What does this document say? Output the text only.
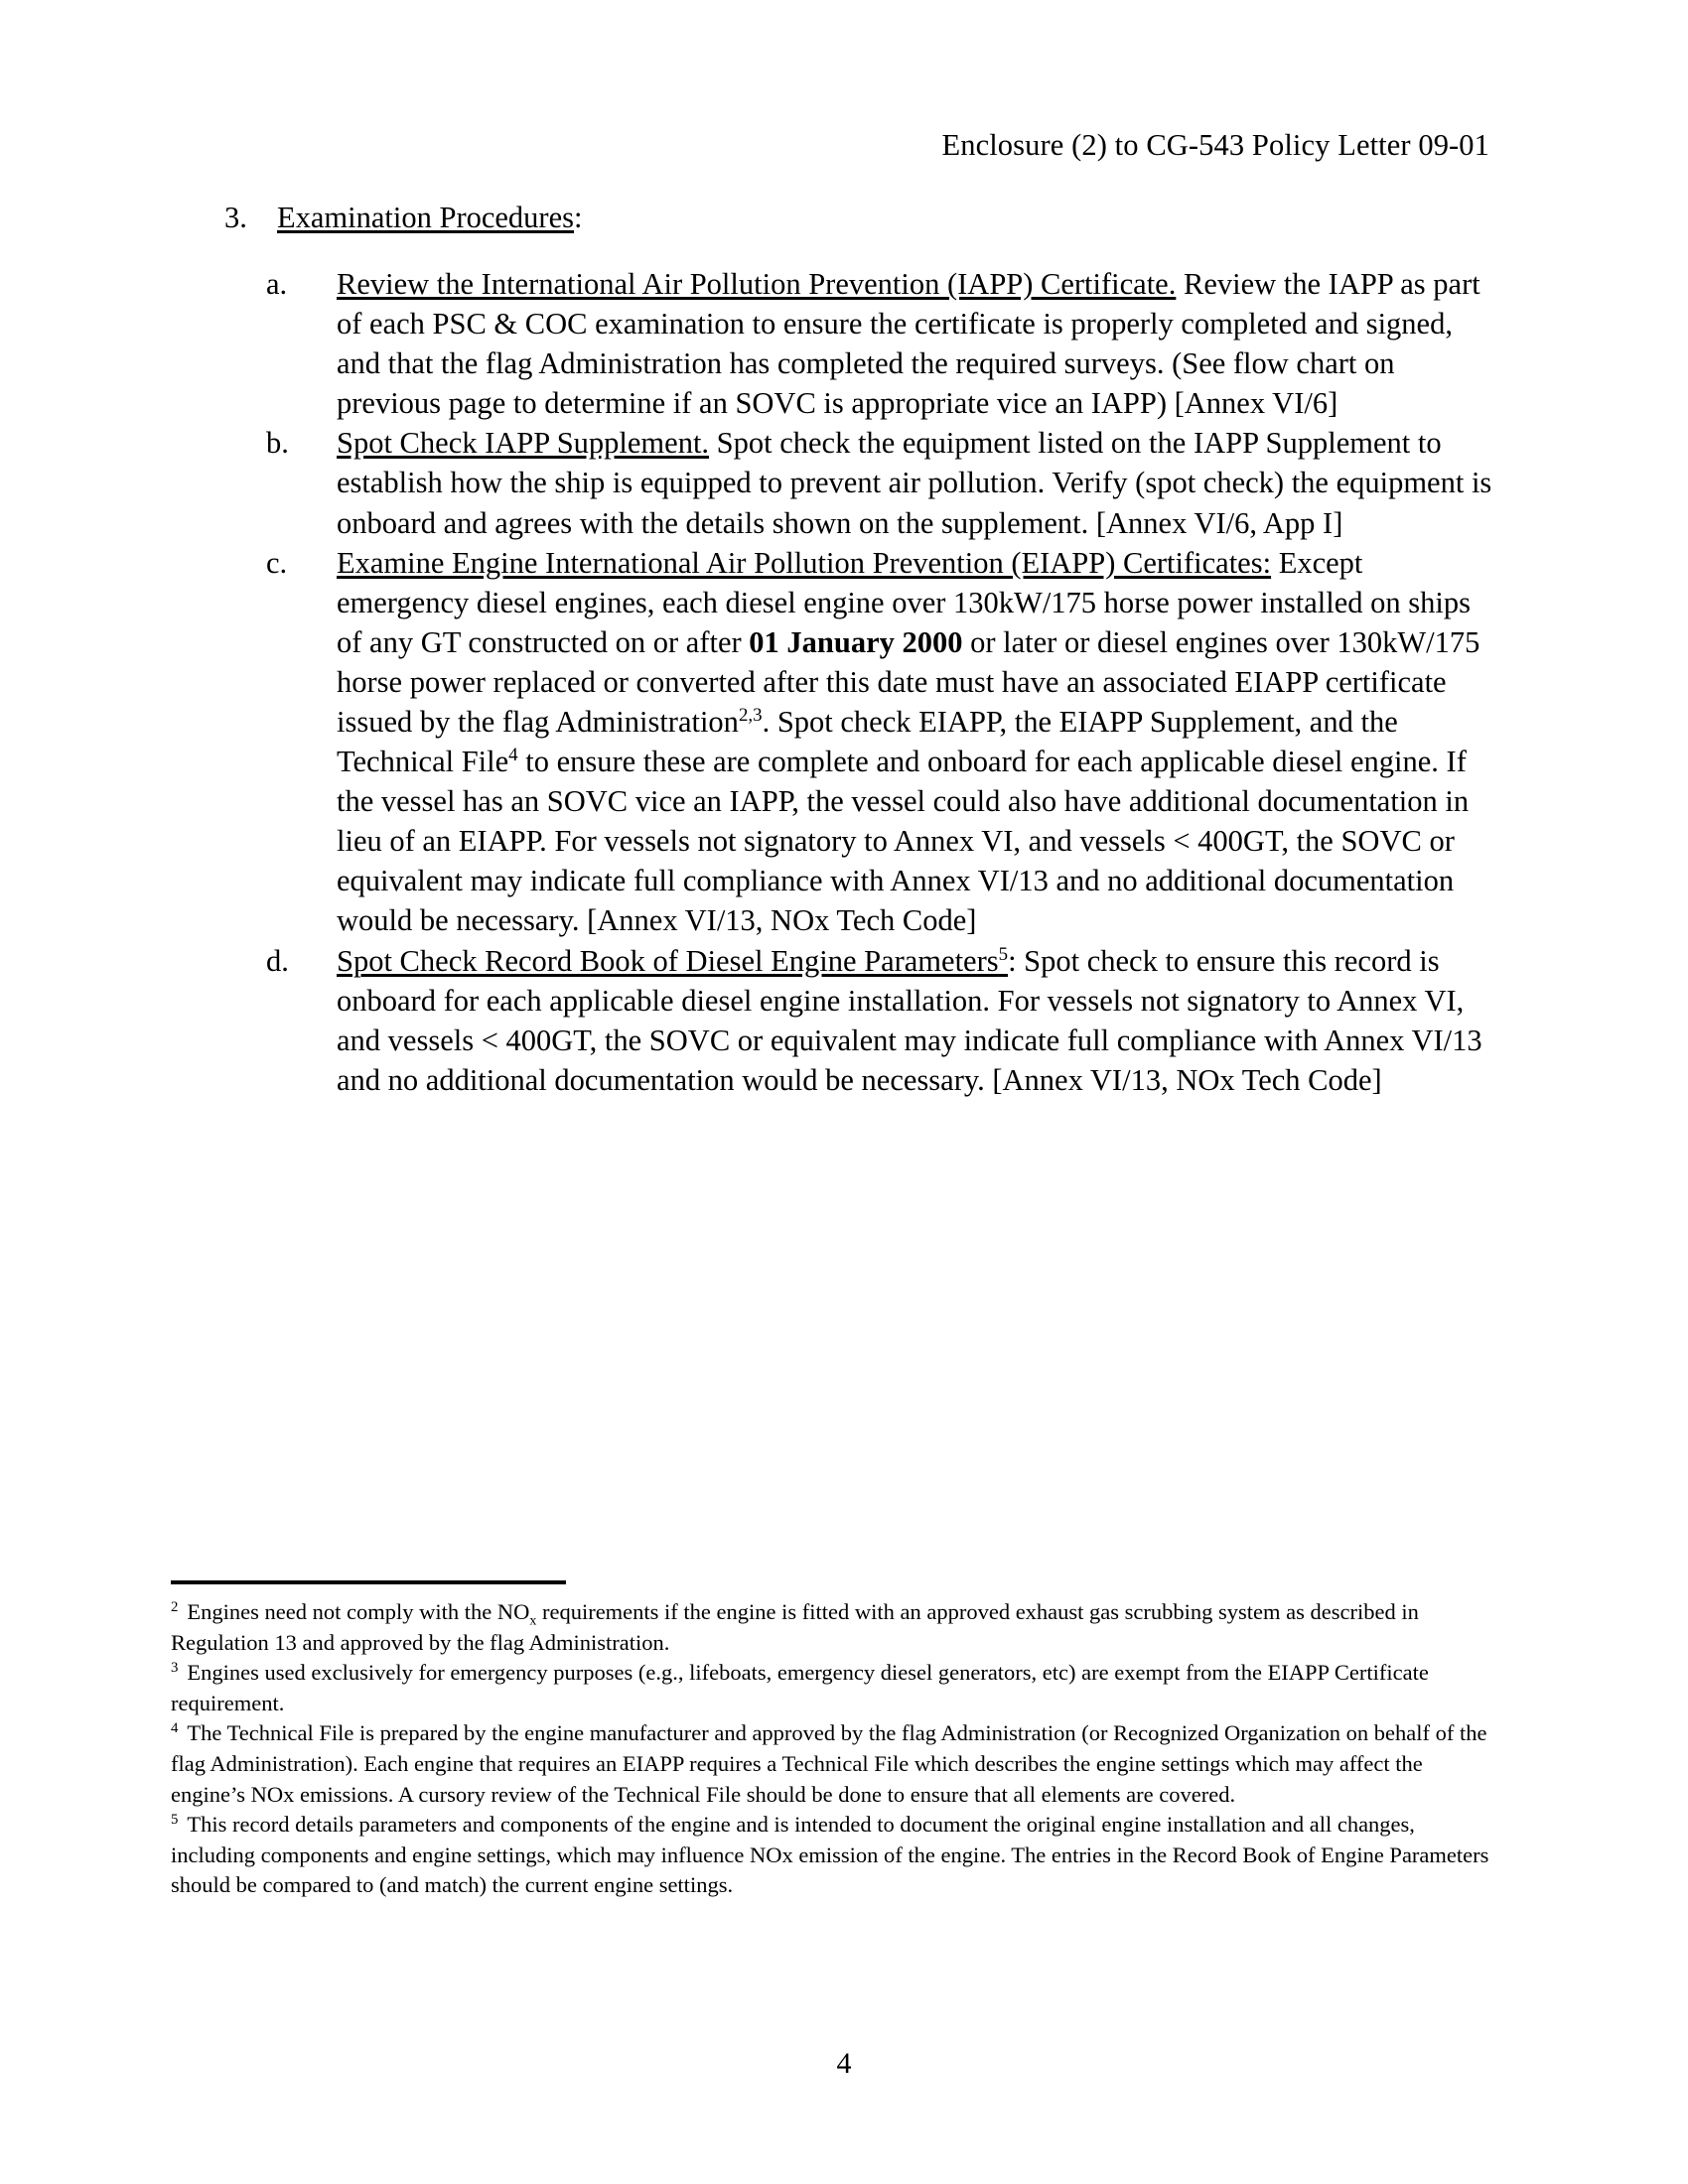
Enclosure (2) to CG-543 Policy Letter 09-01
3. Examination Procedures:
a.	Review the International Air Pollution Prevention (IAPP) Certificate. Review the IAPP as part of each PSC & COC examination to ensure the certificate is properly completed and signed, and that the flag Administration has completed the required surveys. (See flow chart on previous page to determine if an SOVC is appropriate vice an IAPP) [Annex VI/6]
b.	Spot Check IAPP Supplement. Spot check the equipment listed on the IAPP Supplement to establish how the ship is equipped to prevent air pollution. Verify (spot check) the equipment is onboard and agrees with the details shown on the supplement. [Annex VI/6, App I]
c.	Examine Engine International Air Pollution Prevention (EIAPP) Certificates: Except emergency diesel engines, each diesel engine over 130kW/175 horse power installed on ships of any GT constructed on or after 01 January 2000 or later or diesel engines over 130kW/175 horse power replaced or converted after this date must have an associated EIAPP certificate issued by the flag Administration$^{2,3}$. Spot check EIAPP, the EIAPP Supplement, and the Technical File$^4$ to ensure these are complete and onboard for each applicable diesel engine. If the vessel has an SOVC vice an IAPP, the vessel could also have additional documentation in lieu of an EIAPP. For vessels not signatory to Annex VI, and vessels < 400GT, the SOVC or equivalent may indicate full compliance with Annex VI/13 and no additional documentation would be necessary. [Annex VI/13, NOx Tech Code]
d.	Spot Check Record Book of Diesel Engine Parameters$^5$: Spot check to ensure this record is onboard for each applicable diesel engine installation. For vessels not signatory to Annex VI, and vessels < 400GT, the SOVC or equivalent may indicate full compliance with Annex VI/13 and no additional documentation would be necessary. [Annex VI/13, NOx Tech Code]
$^2$ Engines need not comply with the $NO_x$ requirements if the engine is fitted with an approved exhaust gas scrubbing system as described in Regulation 13 and approved by the flag Administration.
$^3$ Engines used exclusively for emergency purposes (e.g., lifeboats, emergency diesel generators, etc) are exempt from the EIAPP Certificate requirement.
$^4$ The Technical File is prepared by the engine manufacturer and approved by the flag Administration (or Recognized Organization on behalf of the flag Administration). Each engine that requires an EIAPP requires a Technical File which describes the engine settings which may affect the engine’s NOx emissions. A cursory review of the Technical File should be done to ensure that all elements are covered.
$^5$ This record details parameters and components of the engine and is intended to document the original engine installation and all changes, including components and engine settings, which may influence NOx emission of the engine. The entries in the Record Book of Engine Parameters should be compared to (and match) the current engine settings.
4
